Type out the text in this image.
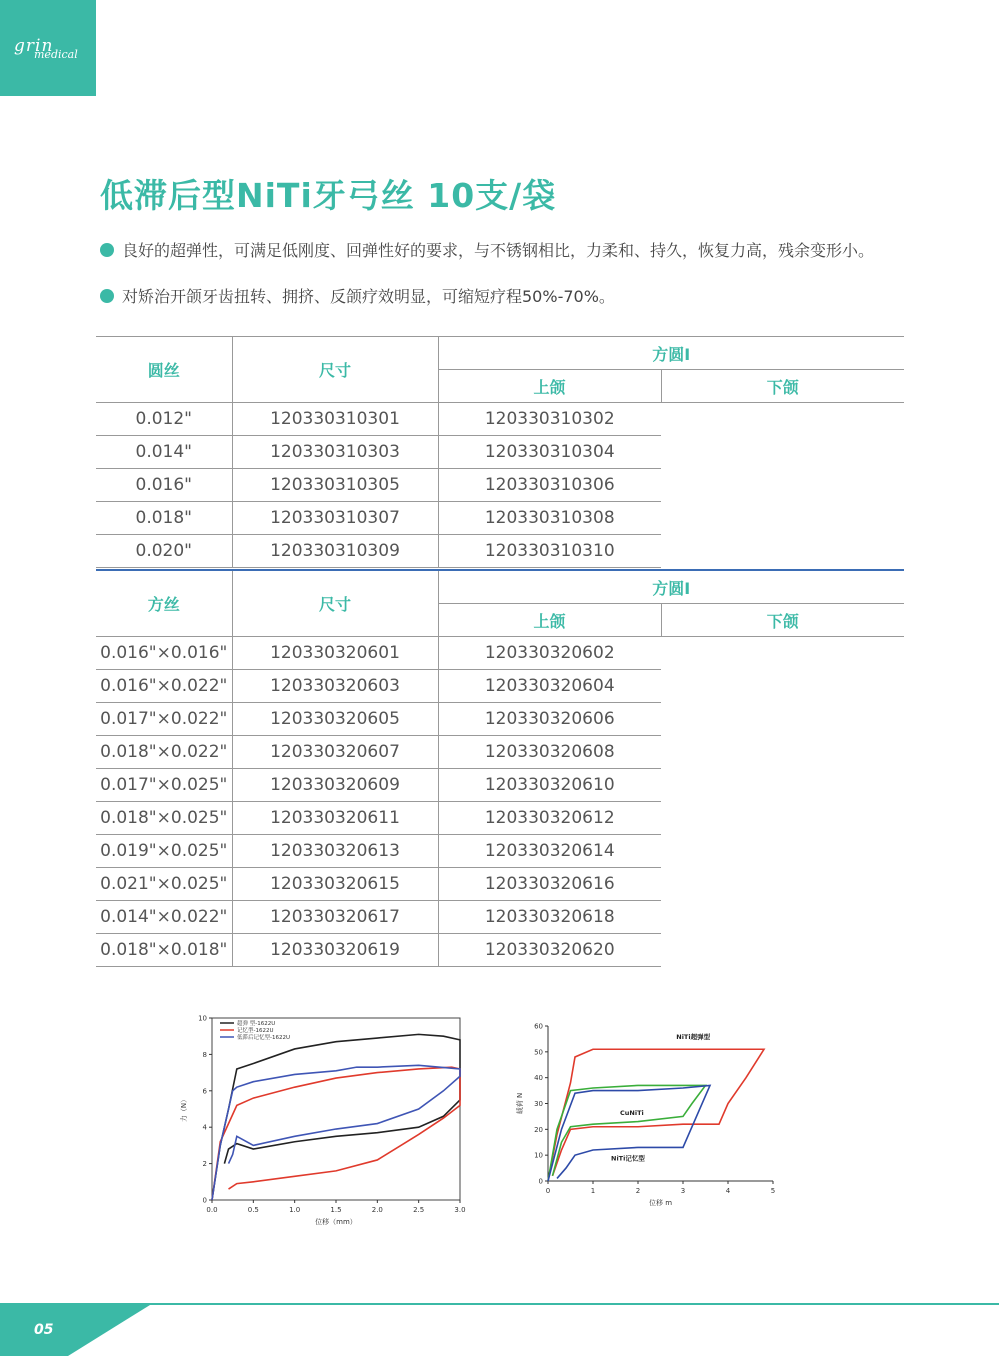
grin
medical
低滞后型NiTi牙弓丝 10支/袋
良好的超弹性，可满足低刚度、回弹性好的要求，与不锈钢相比，力柔和、持久，恢复力高，残余变形小。
对矫治开颌牙齿扭转、拥挤、反颌疗效明显，可缩短疗程50%-70%。
圆丝	尺寸	方圆Ⅰ	
		上颌	下颌
0.012"	120330310301	120330310302	
0.014"	120330310303	120330310304	
0.016"	120330310305	120330310306	
0.018"	120330310307	120330310308	
0.020"	120330310309	120330310310	
方丝	尺寸	方圆Ⅰ	
		上颌	下颌
0.016"×0.016"	120330320601	120330320602	
0.016"×0.022"	120330320603	120330320604	
0.017"×0.022"	120330320605	120330320606	
0.018"×0.022"	120330320607	120330320608	
0.017"×0.025"	120330320609	120330320610	
0.018"×0.025"	120330320611	120330320612	
0.019"×0.025"	120330320613	120330320614	
0.021"×0.025"	120330320615	120330320616	
0.014"×0.022"	120330320617	120330320618	
0.018"×0.018"	120330320619	120330320620	
0.0	0.5	1.0	1.5	2.0	2.5	3.0
0
2
4
6
8
10
位移（mm）
力（N）
超弹 型-1622U
记忆型-1622U
低滞后记忆型-1622U
0	1	2	3	4	5
0
10
20
30
40
50
60
位移 m
载荷 N
NiTi超弹型
CuNiTi
NiTi记忆型
05
